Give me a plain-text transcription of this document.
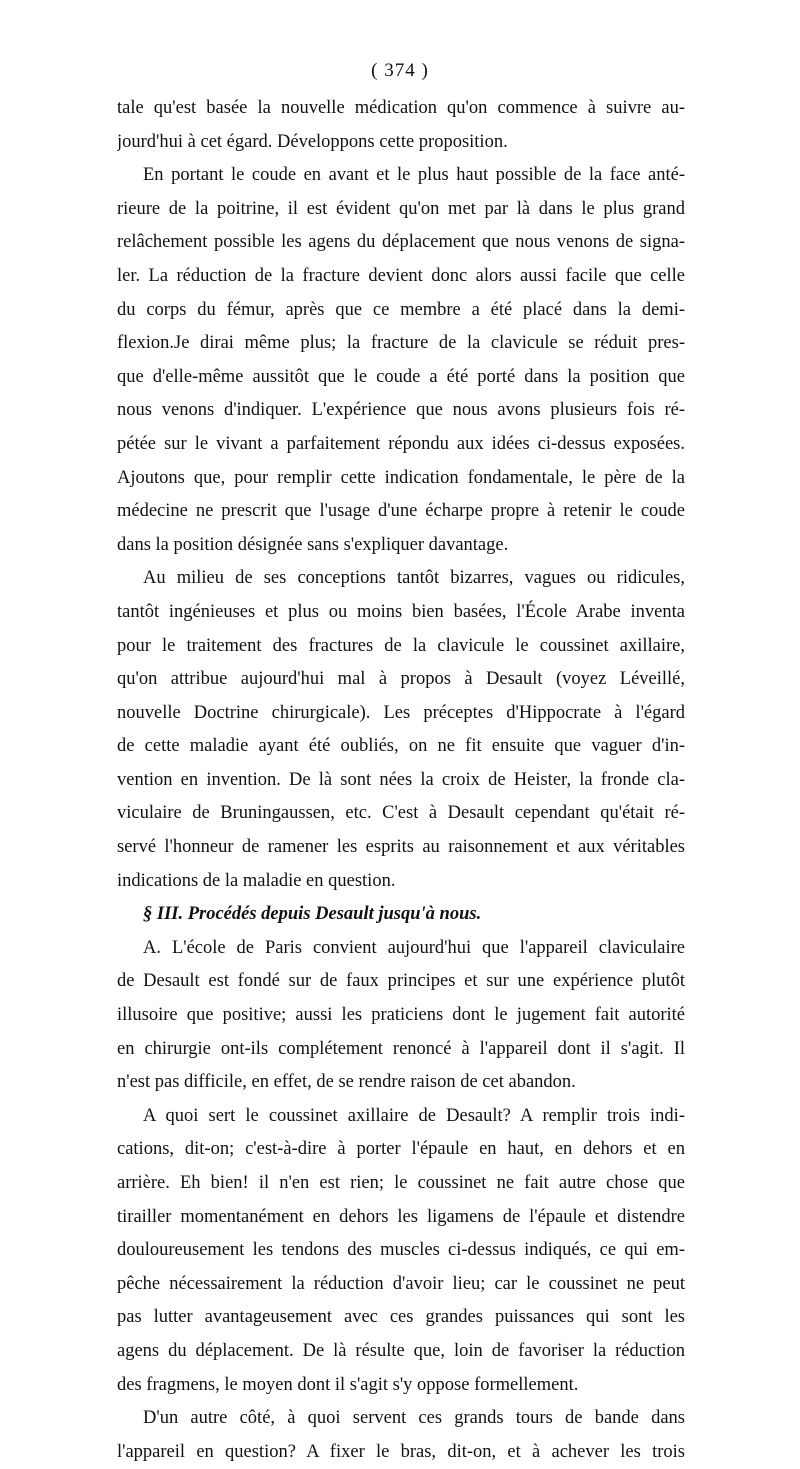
( 374 )
tale qu'est basée la nouvelle médication qu'on commence à suivre au-
jourd'hui à cet égard. Développons cette proposition.
En portant le coude en avant et le plus haut possible de la face anté-
rieure de la poitrine, il est évident qu'on met par là dans le plus grand
relâchement possible les agens du déplacement que nous venons de signa-
ler. La réduction de la fracture devient donc alors aussi facile que celle
du corps du fémur, après que ce membre a été placé dans la demi-
flexion.Je dirai même plus; la fracture de la clavicule se réduit pres-
que d'elle-même aussitôt que le coude a été porté dans la position que
nous venons d'indiquer. L'expérience que nous avons plusieurs fois ré-
pétée sur le vivant a parfaitement répondu aux idées ci-dessus exposées.
Ajoutons que, pour remplir cette indication fondamentale, le père de la
médecine ne prescrit que l'usage d'une écharpe propre à retenir le coude
dans la position désignée sans s'expliquer davantage.
Au milieu de ses conceptions tantôt bizarres, vagues ou ridicules,
tantôt ingénieuses et plus ou moins bien basées, l'École Arabe inventa
pour le traitement des fractures de la clavicule le coussinet axillaire,
qu'on attribue aujourd'hui mal à propos à Desault (voyez Léveillé,
nouvelle Doctrine chirurgicale). Les préceptes d'Hippocrate à l'égard
de cette maladie ayant été oubliés, on ne fit ensuite que vaguer d'in-
vention en invention. De là sont nées la croix de Heister, la fronde cla-
viculaire de Bruningaussen, etc. C'est à Desault cependant qu'était ré-
servé l'honneur de ramener les esprits au raisonnement et aux véritables
indications de la maladie en question.
§ III. Procédés depuis Desault jusqu'à nous.
A. L'école de Paris convient aujourd'hui que l'appareil claviculaire
de Desault est fondé sur de faux principes et sur une expérience plutôt
illusoire que positive; aussi les praticiens dont le jugement fait autorité
en chirurgie ont-ils complétement renoncé à l'appareil dont il s'agit. Il
n'est pas difficile, en effet, de se rendre raison de cet abandon.
A quoi sert le coussinet axillaire de Desault? A remplir trois indi-
cations, dit-on; c'est-à-dire à porter l'épaule en haut, en dehors et en
arrière. Eh bien! il n'en est rien; le coussinet ne fait autre chose que
tirailler momentanément en dehors les ligamens de l'épaule et distendre
douloureusement les tendons des muscles ci-dessus indiqués, ce qui em-
pêche nécessairement la réduction d'avoir lieu; car le coussinet ne peut
pas lutter avantageusement avec ces grandes puissances qui sont les
agens du déplacement. De là résulte que, loin de favoriser la réduction
des fragmens, le moyen dont il s'agit s'y oppose formellement.
D'un autre côté, à quoi servent ces grands tours de bande dans
l'appareil en question? A fixer le bras, dit-on, et à achever les trois
